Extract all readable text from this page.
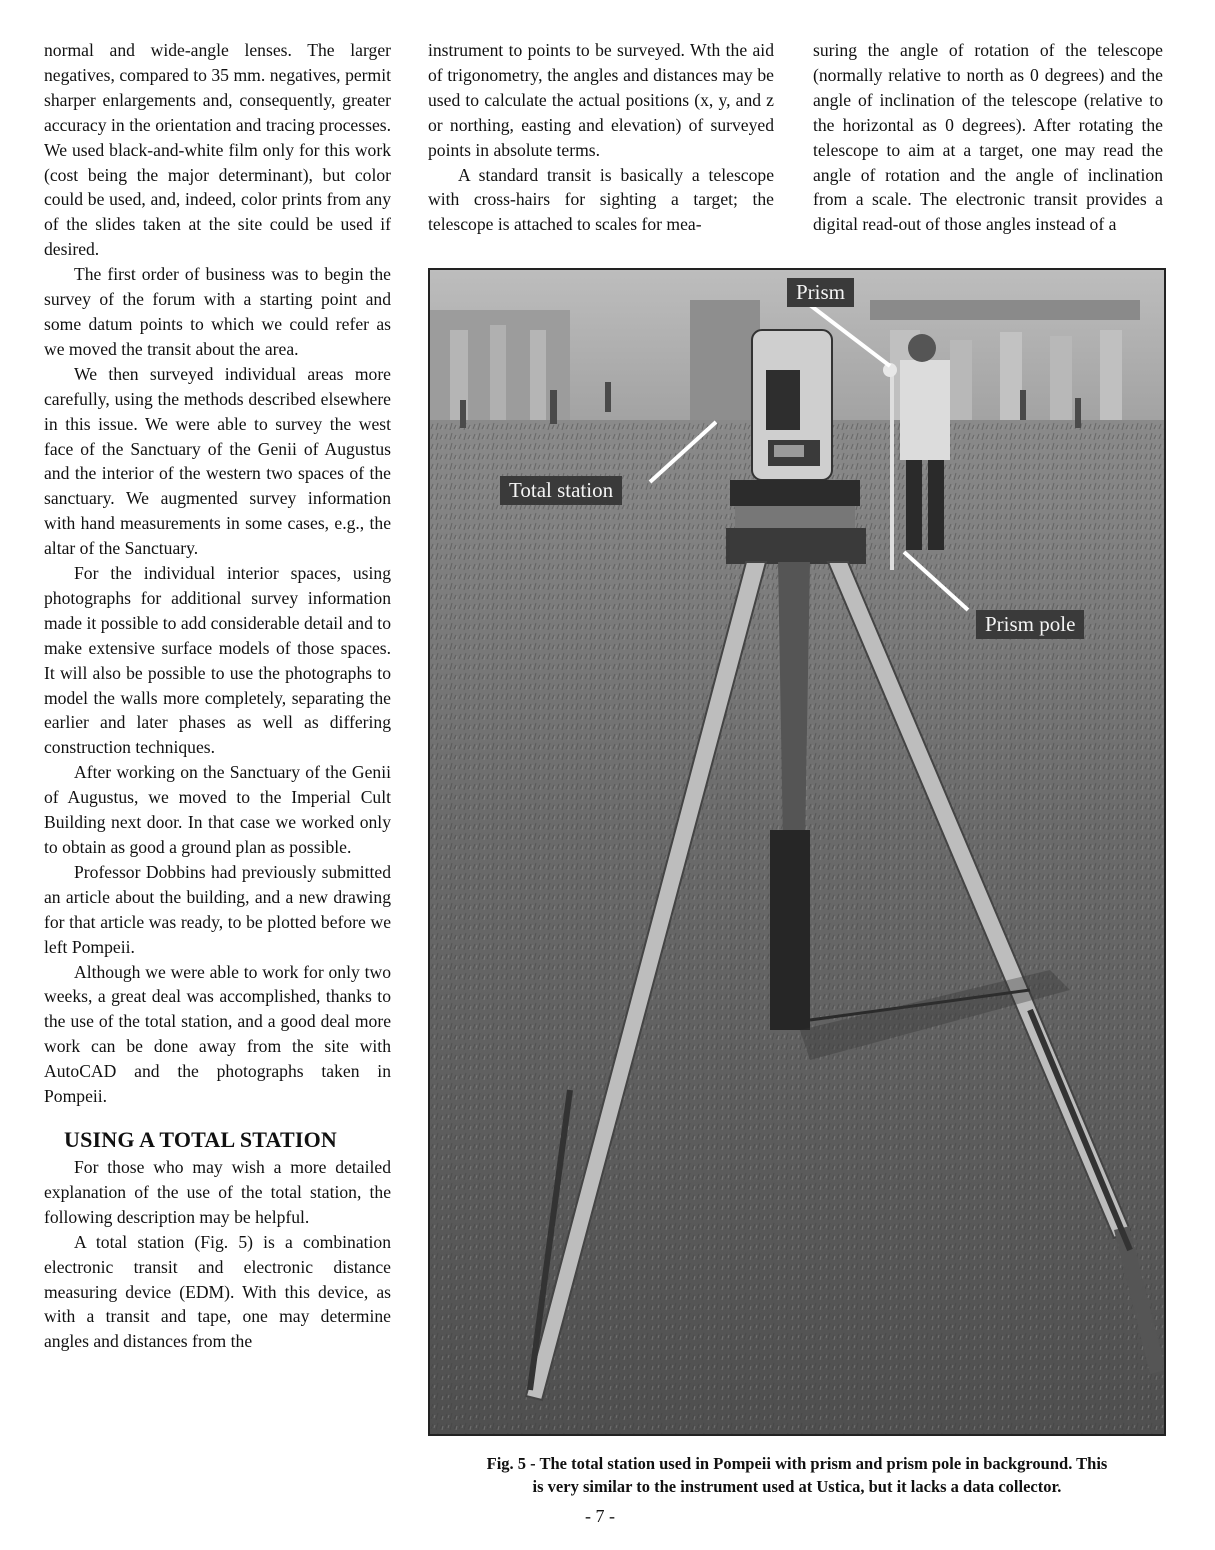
normal and wide-angle lenses. The larger negatives, compared to 35 mm. negatives, permit sharper enlargements and, consequently, greater accuracy in the orientation and tracing processes. We used black-and-white film only for this work (cost being the major determinant), but color could be used, and, indeed, color prints from any of the slides taken at the site could be used if desired.

The first order of business was to begin the survey of the forum with a starting point and some datum points to which we could refer as we moved the transit about the area.

We then surveyed individual areas more carefully, using the methods described elsewhere in this issue. We were able to survey the west face of the Sanctuary of the Genii of Augustus and the interior of the western two spaces of the sanctuary. We augmented survey information with hand measurements in some cases, e.g., the altar of the Sanctuary.

For the individual interior spaces, using photographs for additional survey information made it possible to add considerable detail and to make extensive surface models of those spaces. It will also be possible to use the photographs to model the walls more completely, separating the earlier and later phases as well as differing construction techniques.

After working on the Sanctuary of the Genii of Augustus, we moved to the Imperial Cult Building next door. In that case we worked only to obtain as good a ground plan as possible.

Professor Dobbins had previously submitted an article about the building, and a new drawing for that article was ready, to be plotted before we left Pompeii.

Although we were able to work for only two weeks, a great deal was accomplished, thanks to the use of the total station, and a good deal more work can be done away from the site with AutoCAD and the photographs taken in Pompeii.

USING A TOTAL STATION

For those who may wish a more detailed explanation of the use of the total station, the following description may be helpful.

A total station (Fig. 5) is a combination electronic transit and electronic distance measuring device (EDM). With this device, as with a transit and tape, one may determine angles and distances from the

instrument to points to be surveyed. Wth the aid of trigonometry, the angles and distances may be used to calculate the actual positions (x, y, and z or northing, easting and elevation) of surveyed points in absolute terms.

A standard transit is basically a telescope with cross-hairs for sighting a target; the telescope is attached to scales for mea-

suring the angle of rotation of the telescope (normally relative to north as 0 degrees) and the angle of inclination of the telescope (relative to the horizontal as 0 degrees). After rotating the telescope to aim at a target, one may read the angle of rotation and the angle of inclination from a scale. The electronic transit provides a digital read-out of those angles instead of a

Prism
Total station
Prism pole
Fig. 5 - The total station used in Pompeii with prism and prism pole in background. This
is very similar to the instrument used at Ustica, but it lacks a data collector.
- 7 -
